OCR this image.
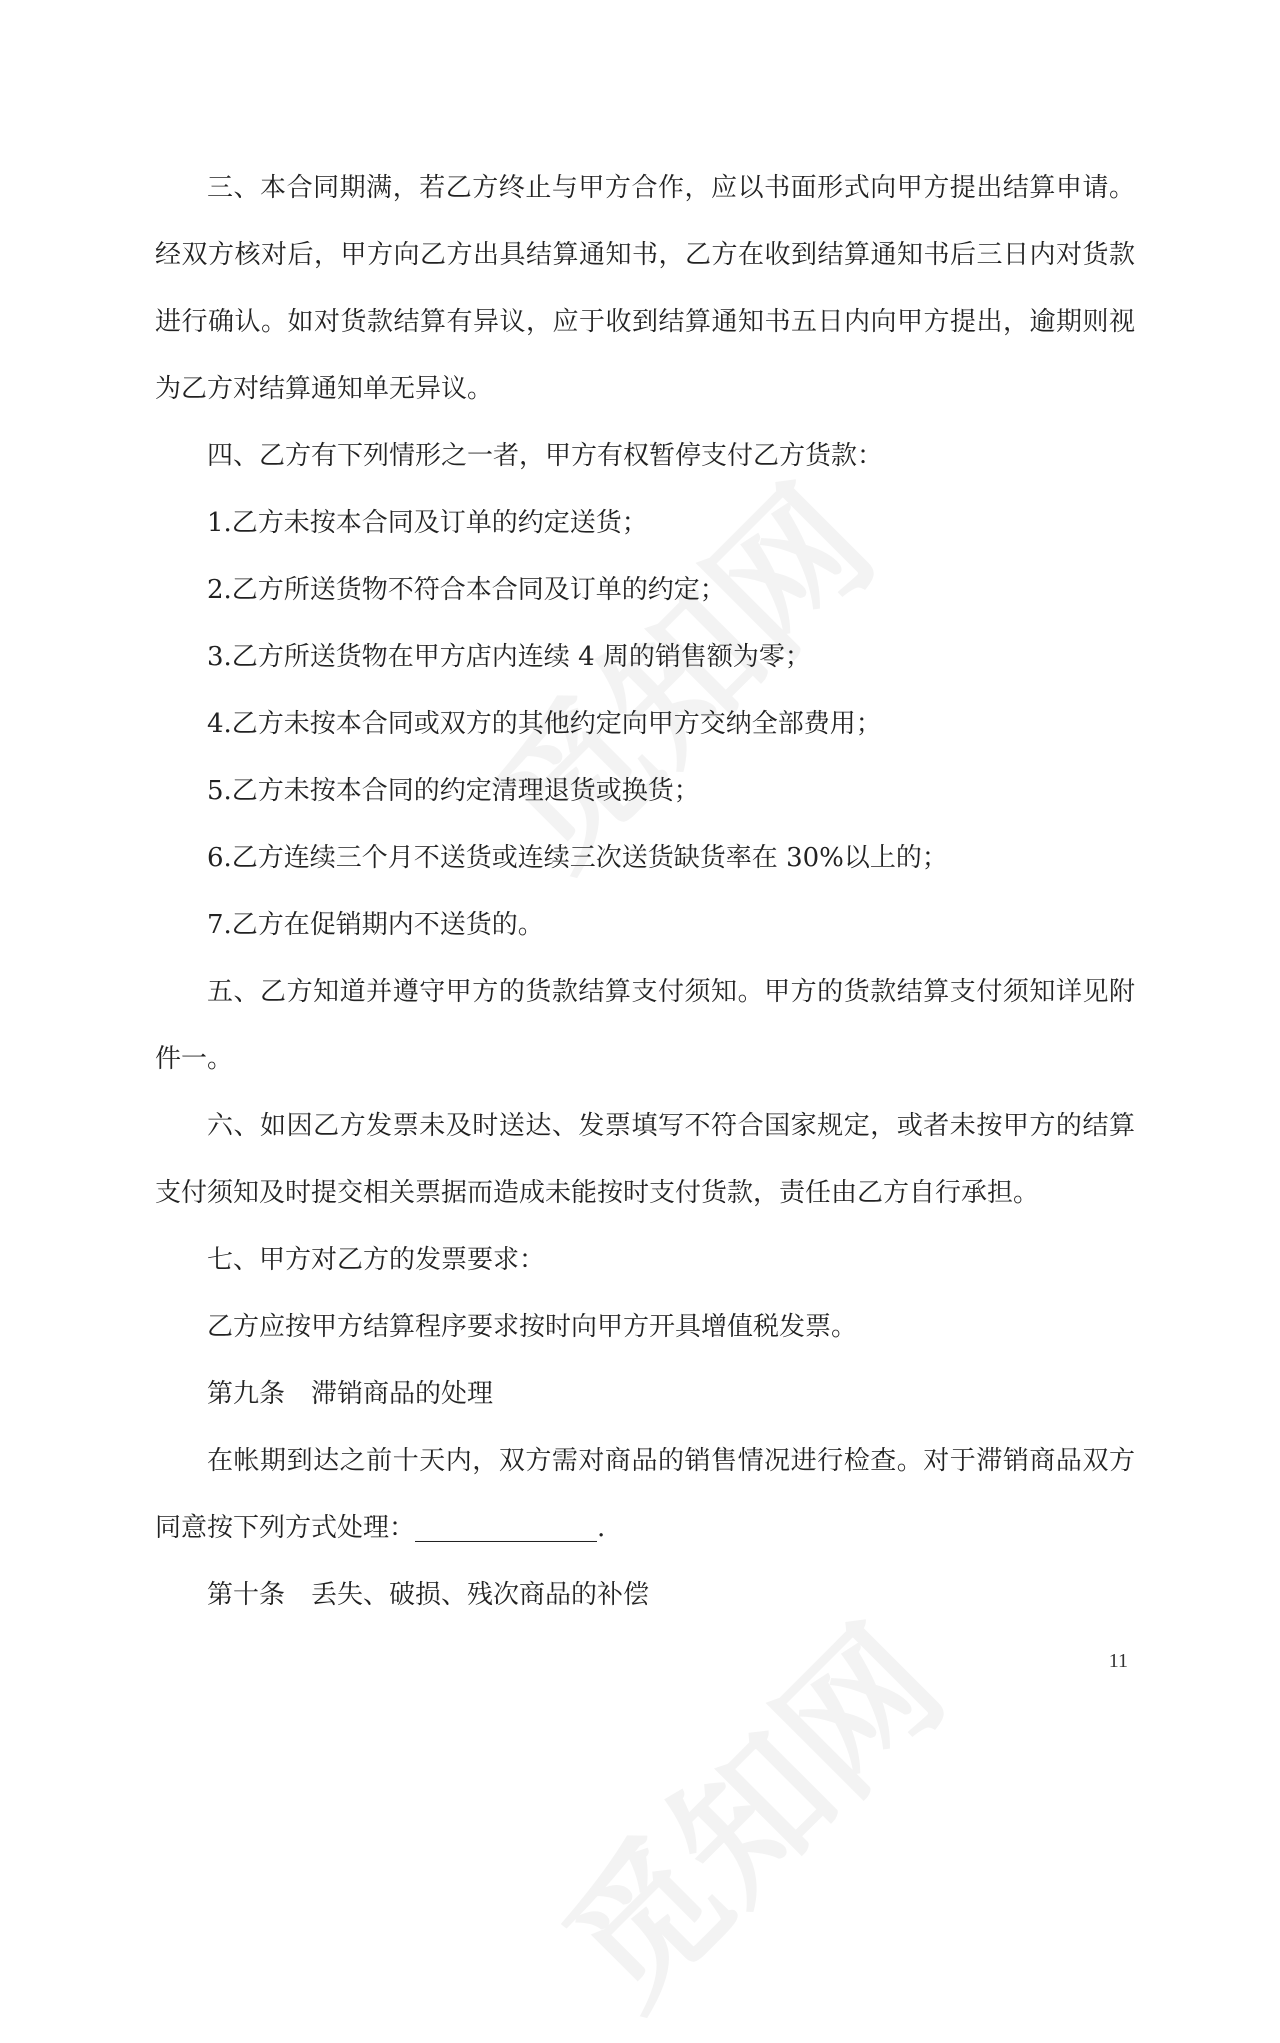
三、本合同期满，若乙方终止与甲方合作，应以书面形式向甲方提出结算申请。经双方核对后，甲方向乙方出具结算通知书，乙方在收到结算通知书后三日内对货款进行确认。如对货款结算有异议，应于收到结算通知书五日内向甲方提出，逾期则视为乙方对结算通知单无异议。

四、乙方有下列情形之一者，甲方有权暂停支付乙方货款：

1.乙方未按本合同及订单的约定送货；

2.乙方所送货物不符合本合同及订单的约定；

3.乙方所送货物在甲方店内连续 4 周的销售额为零；

4.乙方未按本合同或双方的其他约定向甲方交纳全部费用；

5.乙方未按本合同的约定清理退货或换货；

6.乙方连续三个月不送货或连续三次送货缺货率在 30%以上的；

7.乙方在促销期内不送货的。

五、乙方知道并遵守甲方的货款结算支付须知。甲方的货款结算支付须知详见附件一。

六、如因乙方发票未及时送达、发票填写不符合国家规定，或者未按甲方的结算支付须知及时提交相关票据而造成未能按时支付货款，责任由乙方自行承担。

七、甲方对乙方的发票要求：

乙方应按甲方结算程序要求按时向甲方开具增值税发票。

第九条 滞销商品的处理

在帐期到达之前十天内，双方需对商品的销售情况进行检查。对于滞销商品双方同意按下列方式处理：______________.

第十条 丢失、破损、残次商品的补偿

11
